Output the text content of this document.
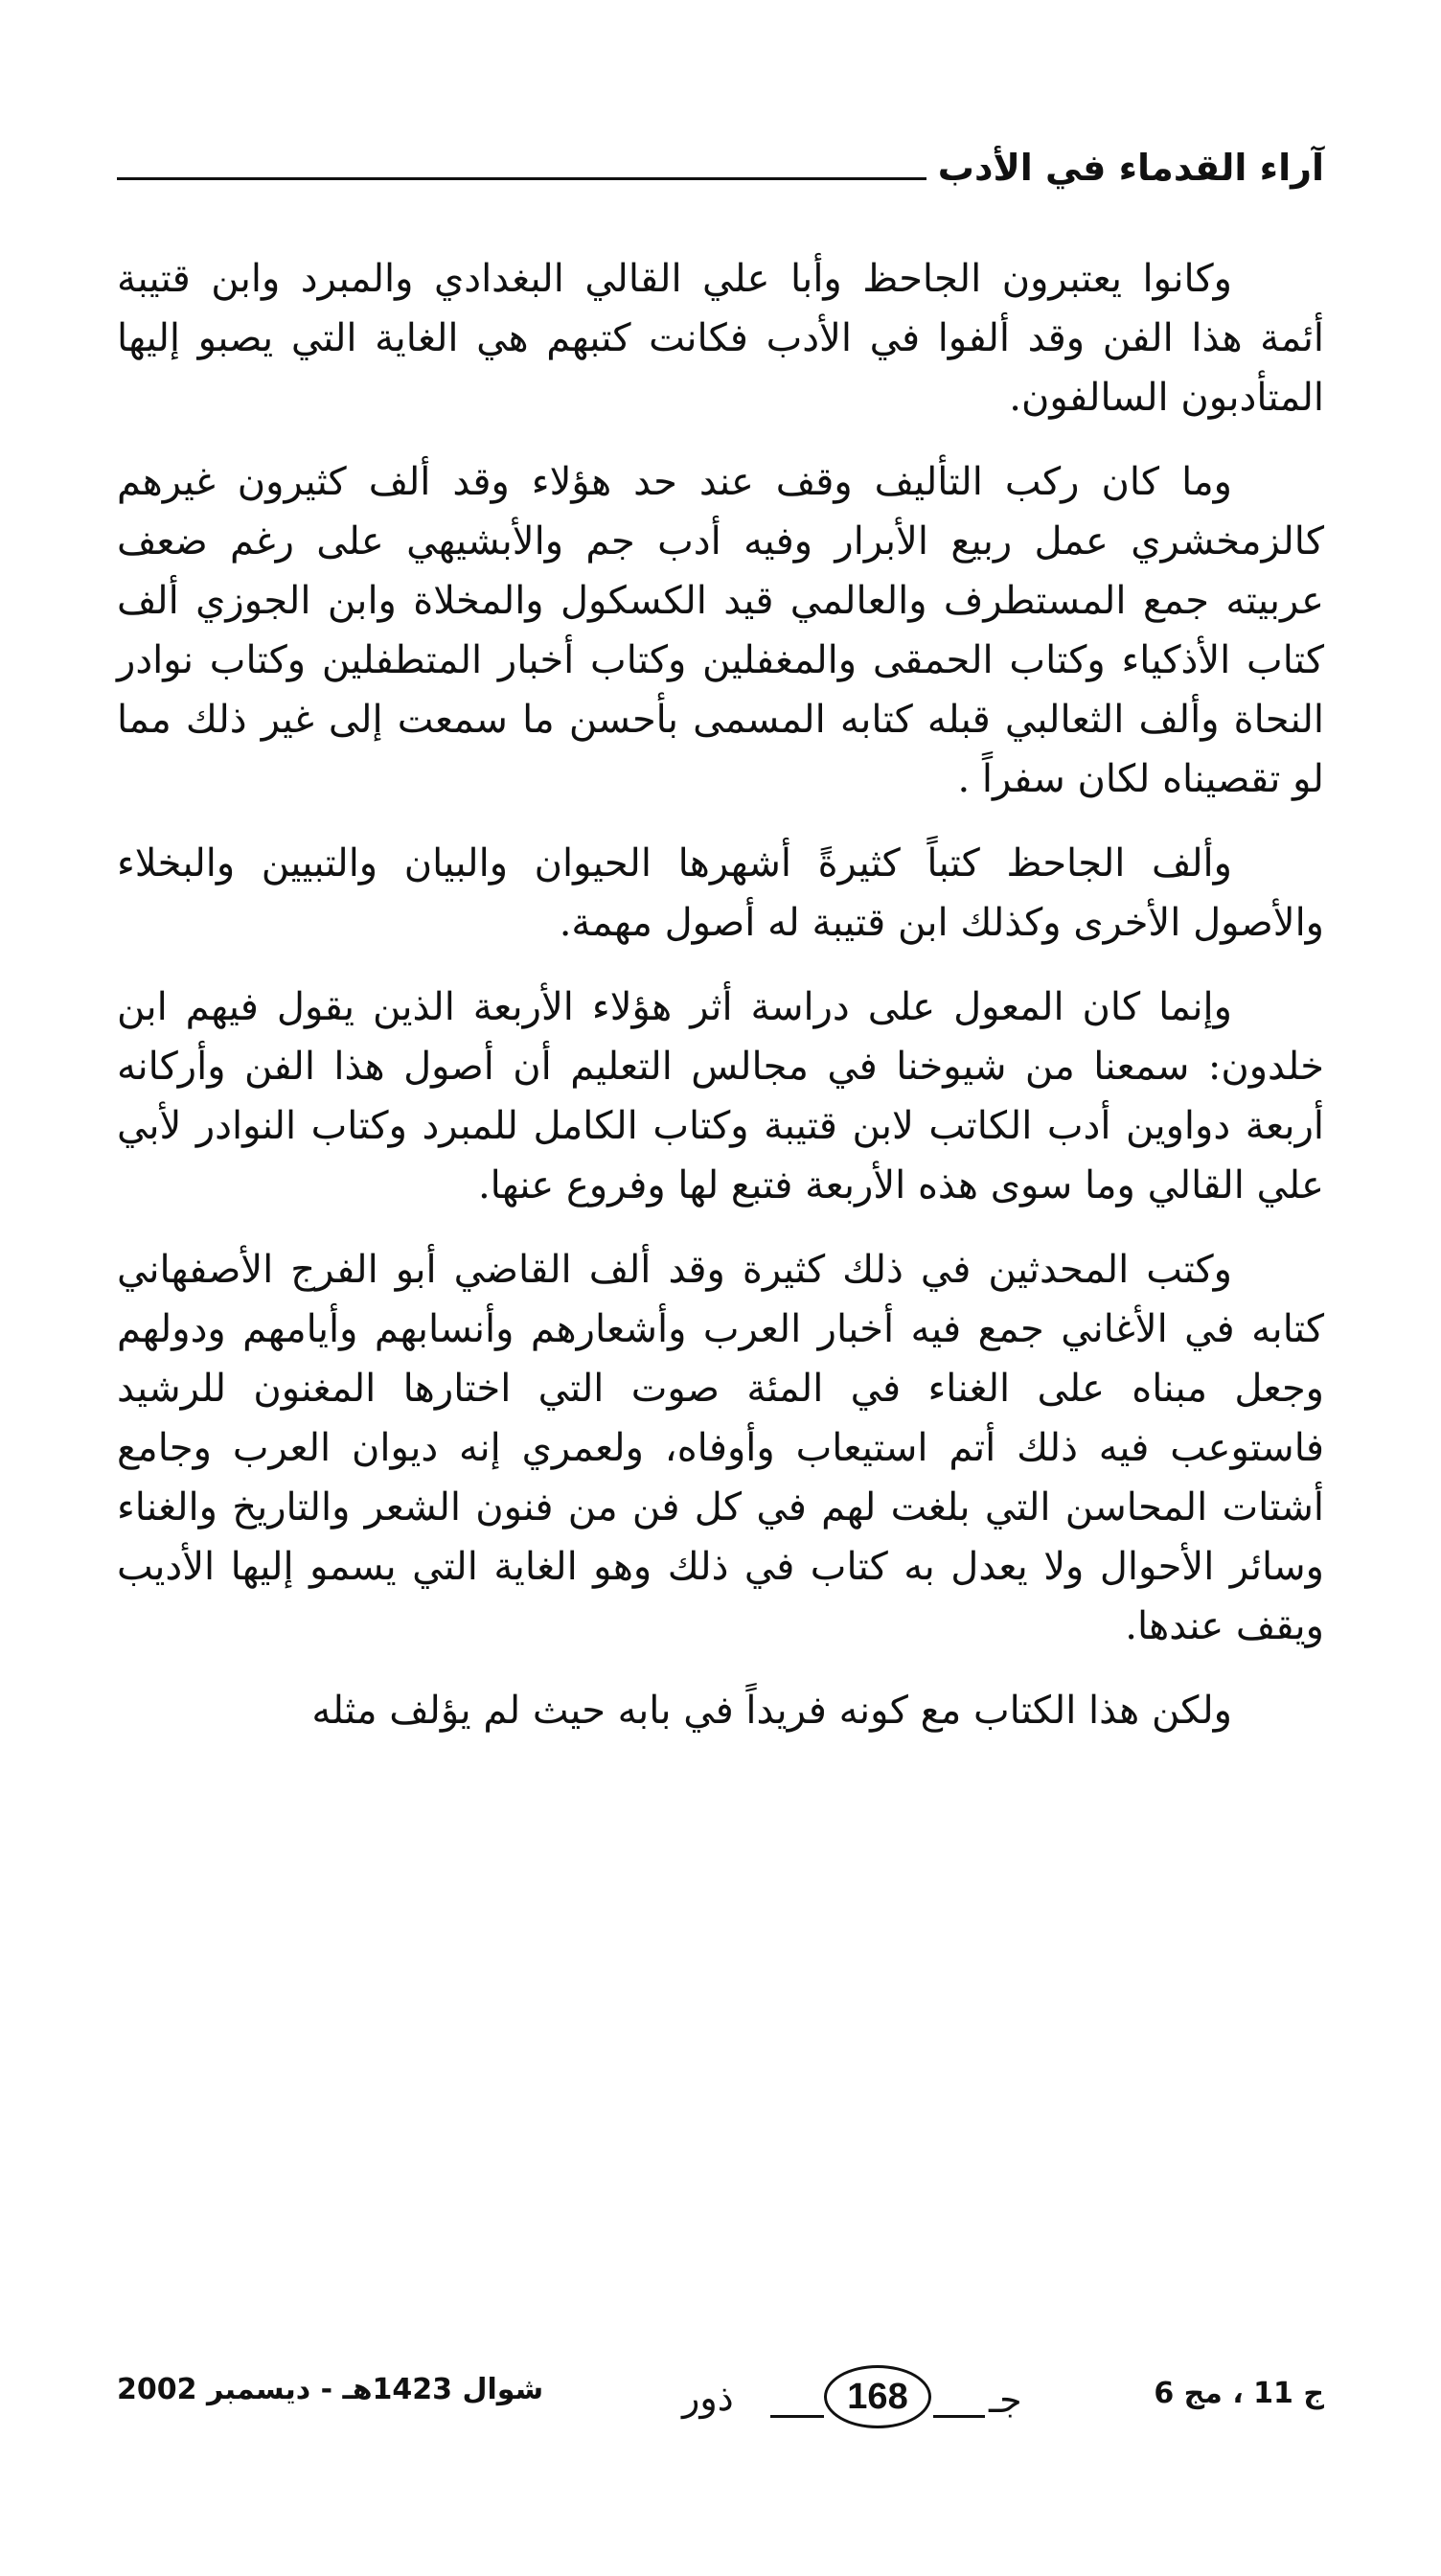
آراء القدماء في الأدب

وكانوا يعتبرون الجاحظ وأبا علي القالي البغدادي والمبرد وابن قتيبة أئمة هذا الفن وقد ألفوا في الأدب فكانت كتبهم هي الغاية التي يصبو إليها المتأدبون السالفون.

وما كان ركب التأليف وقف عند حد هؤلاء وقد ألف كثيرون غيرهم كالزمخشري عمل ربيع الأبرار وفيه أدب جم والأبشيهي على رغم ضعف عربيته جمع المستطرف والعالمي قيد الكسكول والمخلاة وابن الجوزي ألف كتاب الأذكياء وكتاب الحمقى والمغفلين وكتاب أخبار المتطفلين وكتاب نوادر النحاة وألف الثعالبي قبله كتابه المسمى بأحسن ما سمعت إلى غير ذلك مما لو تقصيناه لكان سفراً .

وألف الجاحظ كتباً كثيرةً أشهرها الحيوان والبيان والتبيين والبخلاء والأصول الأخرى وكذلك ابن قتيبة له أصول مهمة.

وإنما كان المعول على دراسة أثر هؤلاء الأربعة الذين يقول فيهم ابن خلدون: سمعنا من شيوخنا في مجالس التعليم أن أصول هذا الفن وأركانه أربعة دواوين أدب الكاتب لابن قتيبة وكتاب الكامل للمبرد وكتاب النوادر لأبي علي القالي وما سوى هذه الأربعة فتبع لها وفروع عنها.

وكتب المحدثين في ذلك كثيرة وقد ألف القاضي أبو الفرج الأصفهاني كتابه في الأغاني جمع فيه أخبار العرب وأشعارهم وأنسابهم وأيامهم ودولهم وجعل مبناه على الغناء في المئة صوت التي اختارها المغنون للرشيد فاستوعب فيه ذلك أتم استيعاب وأوفاه، ولعمري إنه ديوان العرب وجامع أشتات المحاسن التي بلغت لهم في كل فن من فنون الشعر والتاريخ والغناء وسائر الأحوال ولا يعدل به كتاب في ذلك وهو الغاية التي يسمو إليها الأديب ويقف عندها.

ولكن هذا الكتاب مع كونه فريداً في بابه حيث لم يؤلف مثله

ج 11 ، مج 6
ذور	168	جـ
شوال 1423هـ - ديسمبر 2002
